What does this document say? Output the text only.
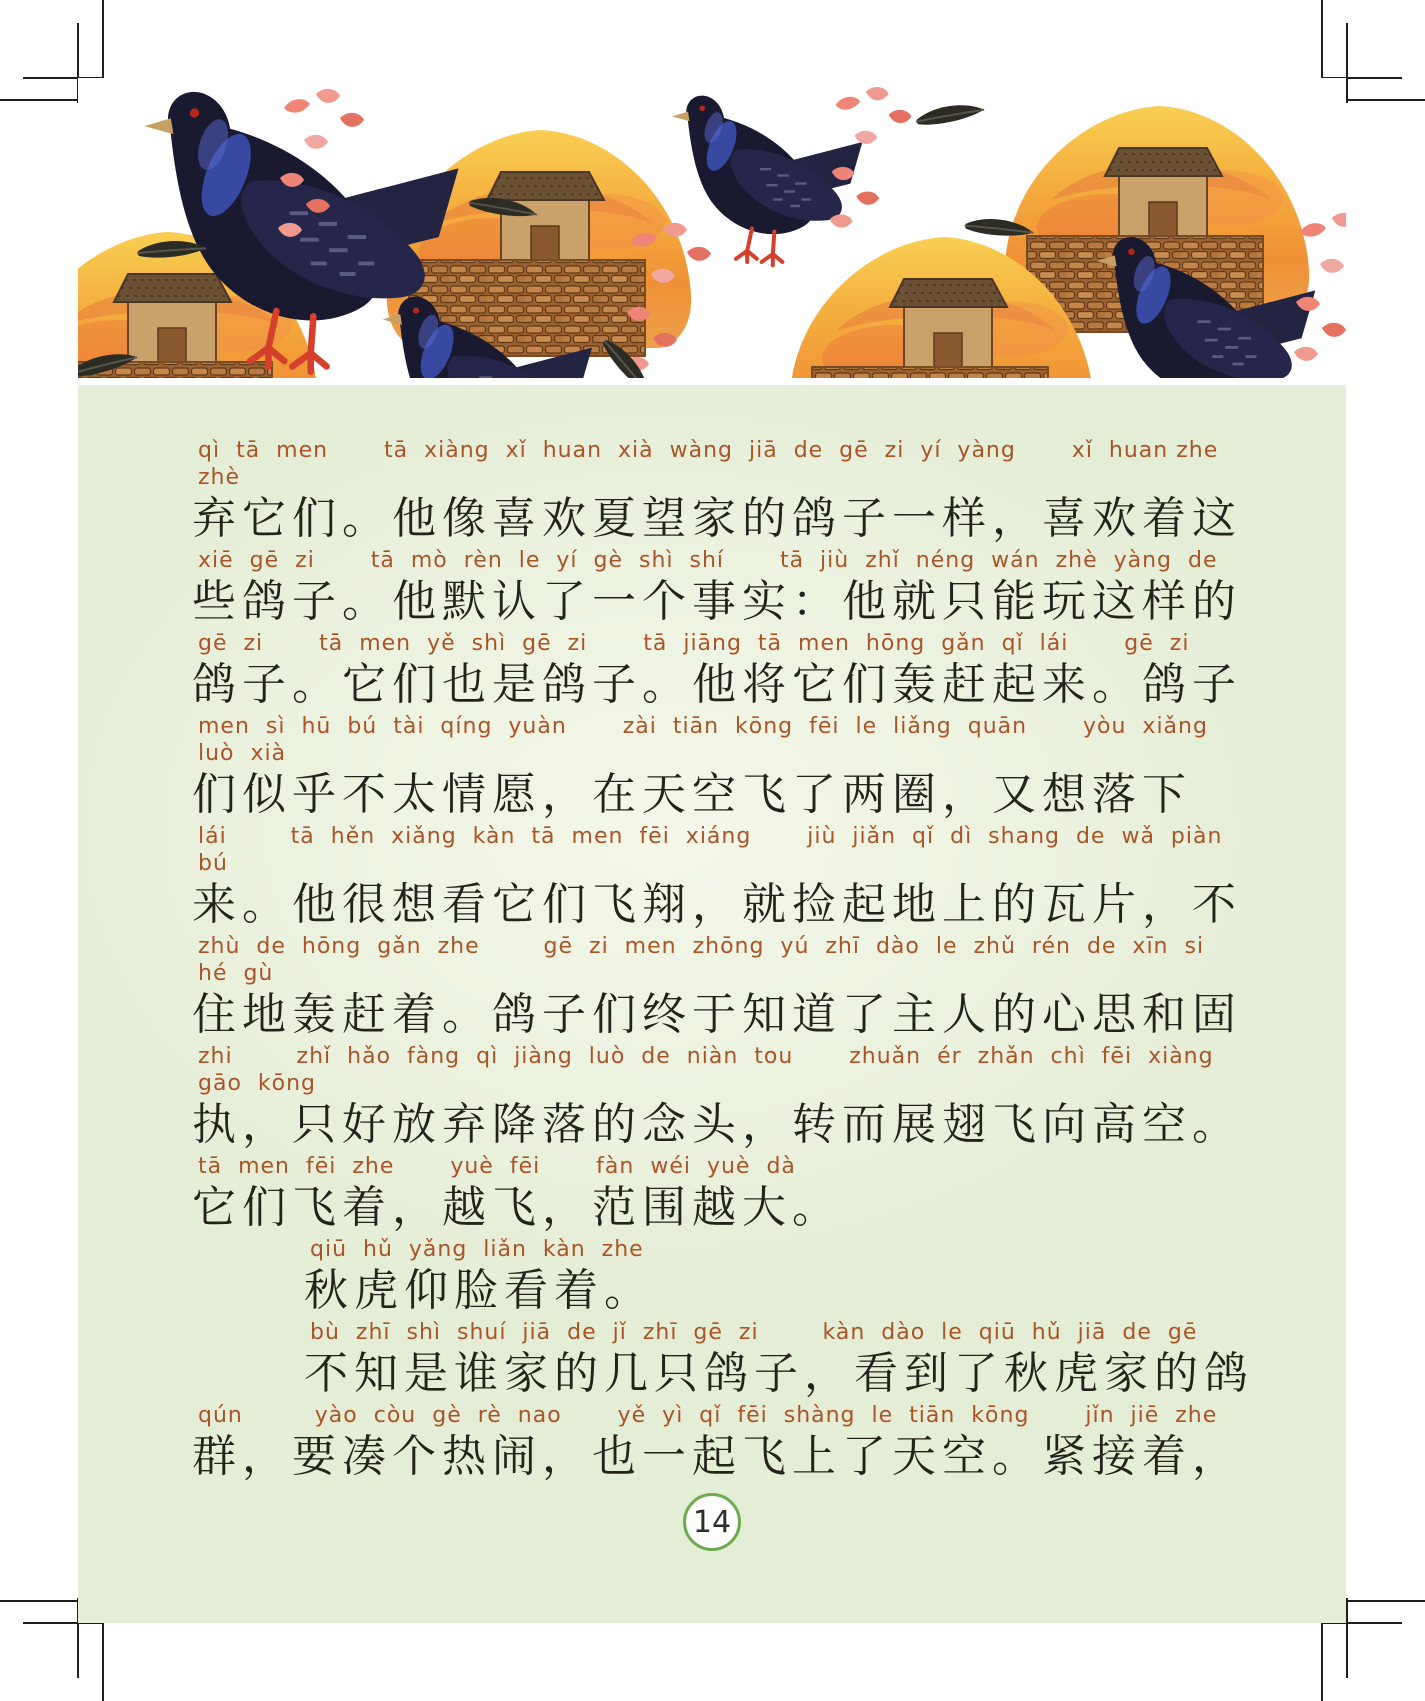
qì  tā  men       tā  xiàng  xǐ  huan  xià  wàng  jiā  de  gē  zi  yí  yàng       xǐ  huan zhe zhè
弃它们。他像喜欢夏望家的鸽子一样，喜欢着这
xiē  gē  zi       tā  mò  rèn  le  yí  gè  shì  shí       tā  jiù  zhǐ  néng  wán  zhè  yàng  de
些鸽子。他默认了一个事实：他就只能玩这样的
gē  zi       tā  men  yě  shì  gē  zi       tā  jiāng  tā  men  hōng  gǎn  qǐ  lái       gē  zi
鸽子。它们也是鸽子。他将它们轰赶起来。鸽子
men  sì  hū  bú  tài  qíng  yuàn       zài  tiān  kōng  fēi  le  liǎng  quān       yòu  xiǎng  luò  xià
们似乎不太情愿，在天空飞了两圈，又想落下
lái        tā  hěn  xiǎng  kàn  tā  men  fēi  xiáng       jiù  jiǎn  qǐ  dì  shang  de  wǎ  piàn      bú
来。他很想看它们飞翔，就捡起地上的瓦片，不
zhù  de  hōng  gǎn  zhe        gē  zi  men  zhōng  yú  zhī  dào  le  zhǔ  rén  de  xīn  si  hé  gù
住地轰赶着。鸽子们终于知道了主人的心思和固
zhi        zhǐ  hǎo  fàng  qì  jiàng  luò  de  niàn  tou       zhuǎn  ér  zhǎn  chì  fēi  xiàng  gāo  kōng
执，只好放弃降落的念头，转而展翅飞向高空。
tā  men  fēi  zhe       yuè  fēi       fàn  wéi  yuè  dà
它们飞着，越飞，范围越大。
qiū  hǔ  yǎng  liǎn  kàn  zhe
秋虎仰脸看着。
bù  zhī  shì  shuí  jiā  de  jǐ  zhī  gē  zi        kàn  dào  le  qiū  hǔ  jiā  de  gē
不知是谁家的几只鸽子，看到了秋虎家的鸽
qún         yào  còu  gè  rè  nao       yě  yì  qǐ  fēi  shàng  le  tiān  kōng       jǐn  jiē  zhe
群，要凑个热闹，也一起飞上了天空。紧接着，
14
